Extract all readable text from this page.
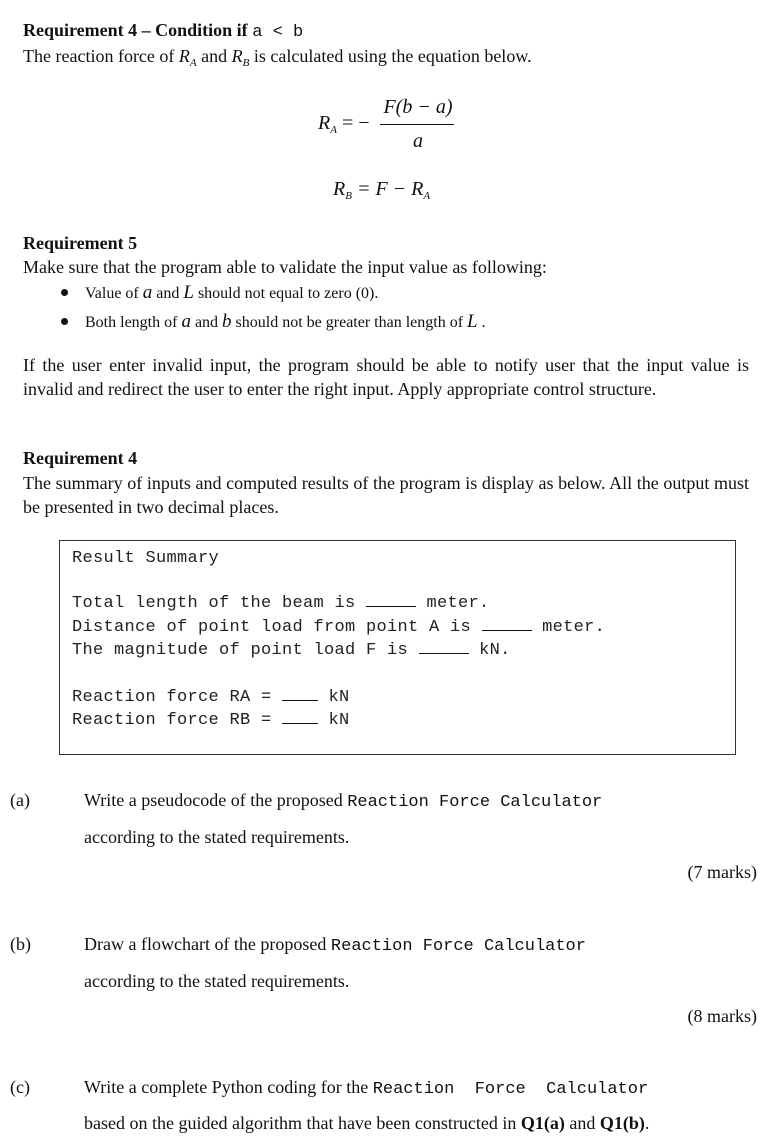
Requirement 4 – Condition if a < b
The reaction force of $R_A$ and $R_B$ is calculated using the equation below.
$R_A$ = −
F(b − a)
a
$R_B = F - R_A$
Requirement 5
Make sure that the program able to validate the input value as following:
Value of a and L should not equal to zero (0).
Both length of a and b should not be greater than length of L .
If the user enter invalid input, the program should be able to notify user that the input value is invalid and redirect the user to enter the right input. Apply appropriate control structure.
Requirement 4
The summary of inputs and computed results of the program is display as below. All the output must be presented in two decimal places.
Result Summary
Total length of the beam is	meter.
Distance of point load from point A is	meter.
The magnitude of point load F is	kN.
Reaction force RA =  kN
Reaction force RB =  kN
(a)	Write a pseudocode of the proposed Reaction Force Calculator
according to the stated requirements.
(7 marks)
(b)	Draw a flowchart of the proposed Reaction Force Calculator
according to the stated requirements.
(8 marks)
(c)	Write a complete Python coding for the Reaction  Force  Calculator
based on the guided algorithm that have been constructed in Q1(a) and Q1(b).
